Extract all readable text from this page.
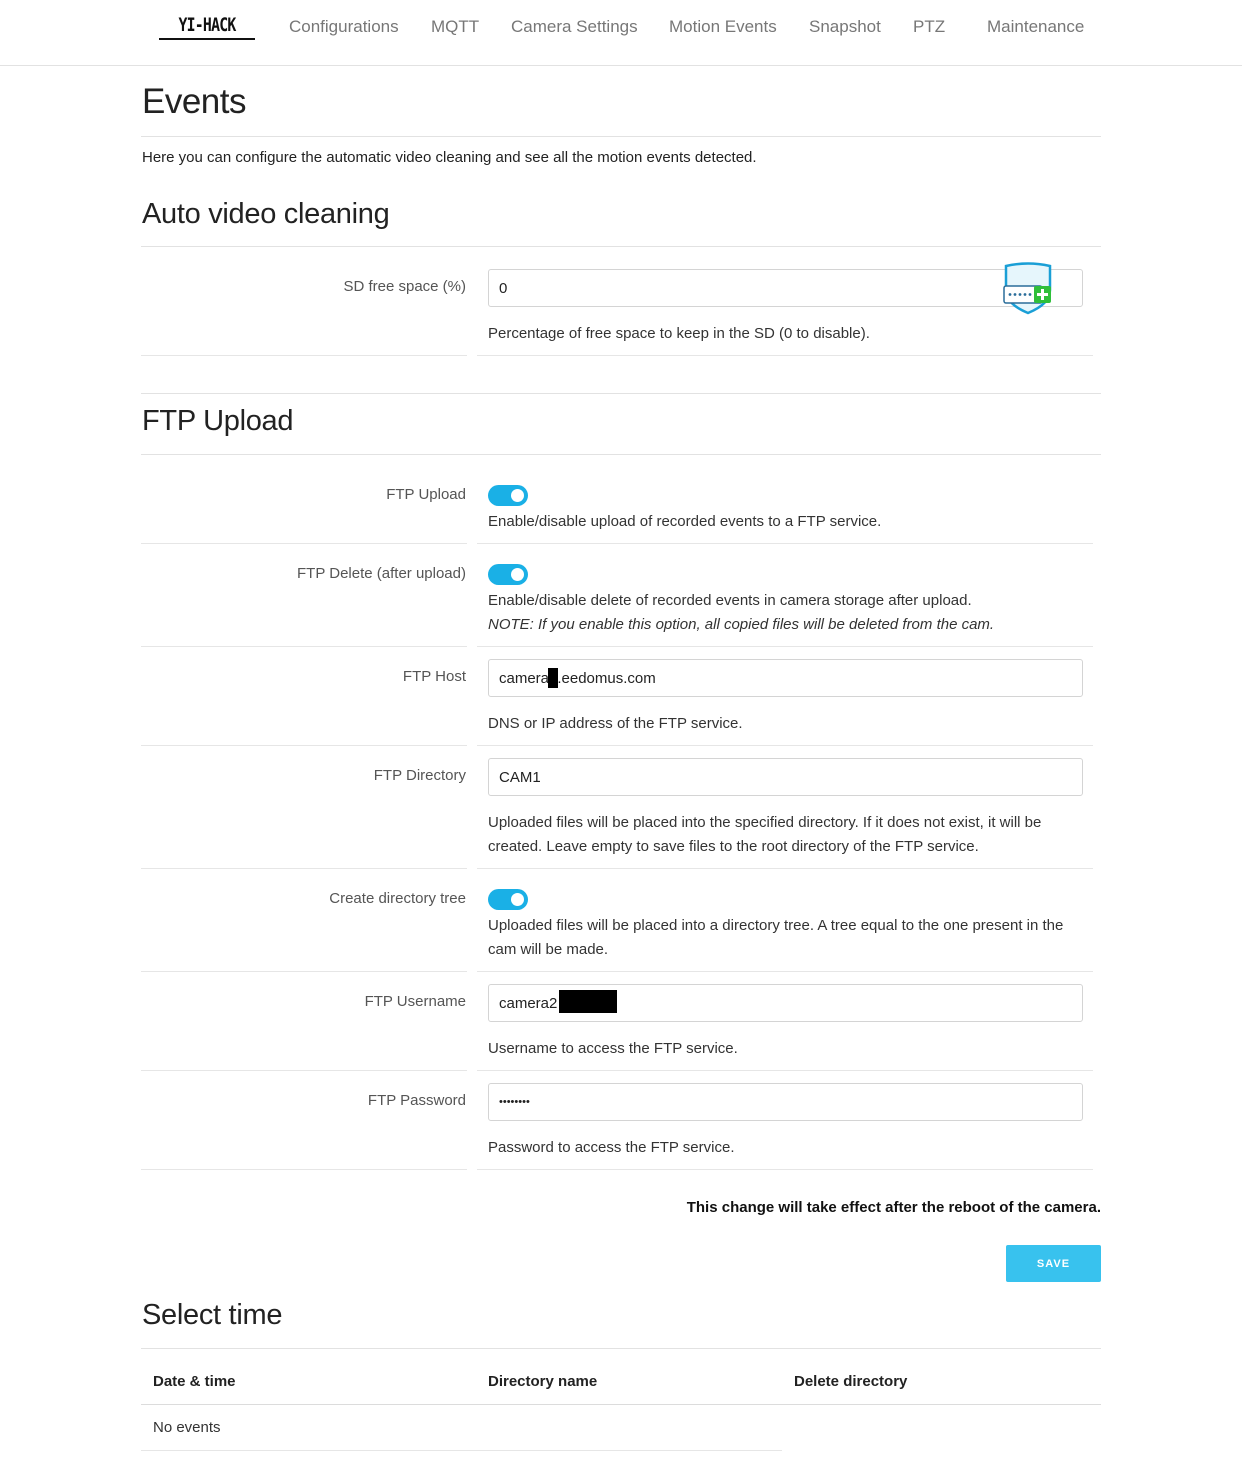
YI-HACK	Configurations MQTT Camera Settings Motion Events Snapshot PTZ Maintenance
Events
Here you can configure the automatic video cleaning and see all the motion events detected.
Auto video cleaning
SD free space (%)
0
Percentage of free space to keep in the SD (0 to disable).
FTP Upload
FTP Upload
Enable/disable upload of recorded events to a FTP service.
FTP Delete (after upload)
Enable/disable delete of recorded events in camera storage after upload.
NOTE: If you enable this option, all copied files will be deleted from the cam.
FTP Host
camera .eedomus.com
DNS or IP address of the FTP service.
FTP Directory
CAM1
Uploaded files will be placed into the specified directory. If it does not exist, it will be created. Leave empty to save files to the root directory of the FTP service.
Create directory tree
Uploaded files will be placed into a directory tree. A tree equal to the one present in the cam will be made.
FTP Username
camera2
Username to access the FTP service.
FTP Password
••••••••
Password to access the FTP service.
This change will take effect after the reboot of the camera.
SAVE
Select time
Date & time	Directory name	Delete directory
No events
